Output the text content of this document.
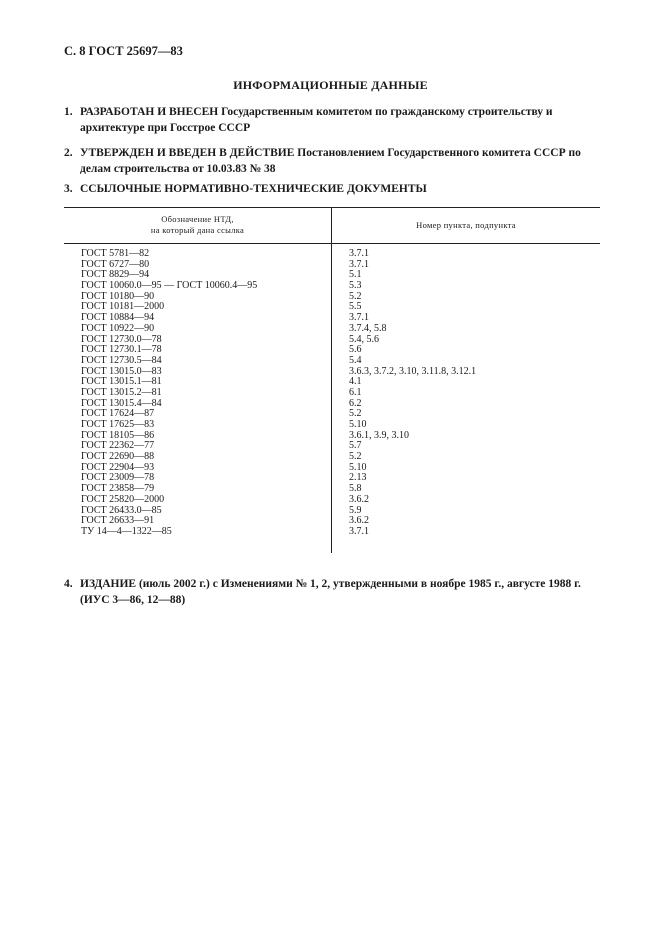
С. 8 ГОСТ 25697—83
ИНФОРМАЦИОННЫЕ ДАННЫЕ
1. РАЗРАБОТАН И ВНЕСЕН Государственным комитетом по гражданскому строительству и архитектуре при Госстрое СССР
2. УТВЕРЖДЕН И ВВЕДЕН В ДЕЙСТВИЕ Постановлением Государственного комитета СССР по делам строительства от 10.03.83 № 38
3. ССЫЛОЧНЫЕ НОРМАТИВНО-ТЕХНИЧЕСКИЕ ДОКУМЕНТЫ
Обозначение НТД,
на который дана ссылка	Номер пункта, подпункта
ГОСТ 5781—82	3.7.1
ГОСТ 6727—80	3.7.1
ГОСТ 8829—94	5.1
ГОСТ 10060.0—95 — ГОСТ 10060.4—95	5.3
ГОСТ 10180—90	5.2
ГОСТ 10181—2000	5.5
ГОСТ 10884—94	3.7.1
ГОСТ 10922—90	3.7.4, 5.8
ГОСТ 12730.0—78	5.4, 5.6
ГОСТ 12730.1—78	5.6
ГОСТ 12730.5—84	5.4
ГОСТ 13015.0—83	3.6.3, 3.7.2, 3.10, 3.11.8, 3.12.1
ГОСТ 13015.1—81	4.1
ГОСТ 13015.2—81	6.1
ГОСТ 13015.4—84	6.2
ГОСТ 17624—87	5.2
ГОСТ 17625—83	5.10
ГОСТ 18105—86	3.6.1, 3.9, 3.10
ГОСТ 22362—77	5.7
ГОСТ 22690—88	5.2
ГОСТ 22904—93	5.10
ГОСТ 23009—78	2.13
ГОСТ 23858—79	5.8
ГОСТ 25820—2000	3.6.2
ГОСТ 26433.0—85	5.9
ГОСТ 26633—91	3.6.2
ТУ 14—4—1322—85	3.7.1
4. ИЗДАНИЕ (июль 2002 г.) с Изменениями № 1, 2, утвержденными в ноябре 1985 г., августе 1988 г. (ИУС 3—86, 12—88)
